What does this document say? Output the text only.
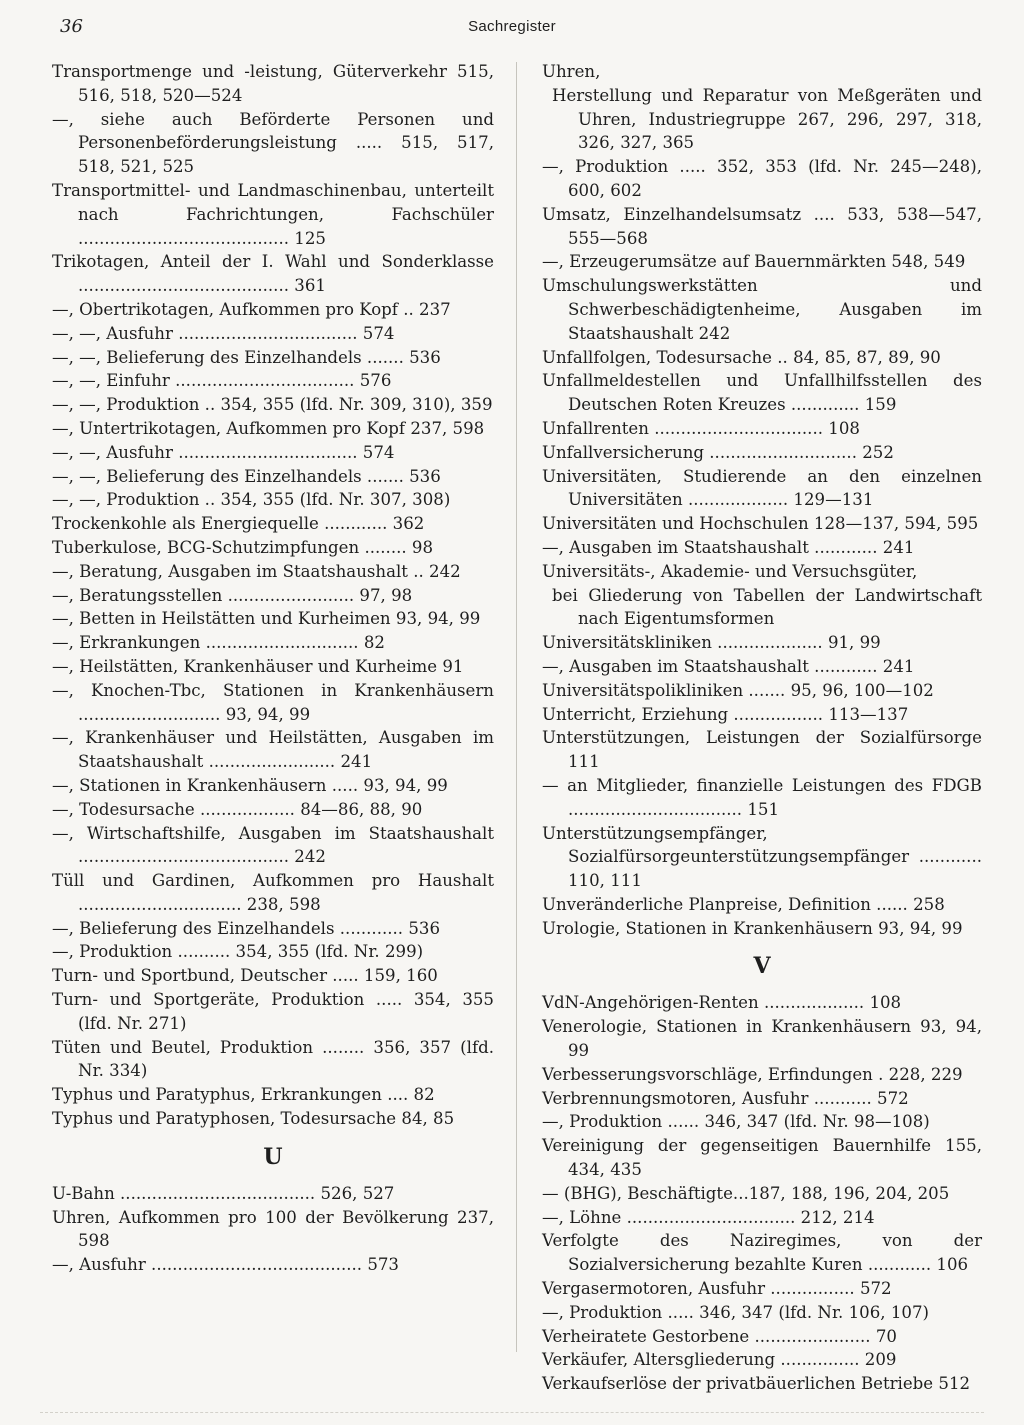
36	Sachregister

Transportmenge und -leistung, Güterverkehr 515, 516, 518, 520—524

—, siehe auch Beförderte Personen und Personenbeförderungsleistung ..... 515, 517, 518, 521, 525

Transportmittel- und Landmaschinenbau, unterteilt nach Fachrichtungen, Fachschüler ........................................ 125

Trikotagen, Anteil der I. Wahl und Sonderklasse ........................................ 361

—, Obertrikotagen, Aufkommen pro Kopf .. 237

—, —, Ausfuhr .................................. 574

—, —, Belieferung des Einzelhandels ....... 536

—, —, Einfuhr .................................. 576

—, —, Produktion .. 354, 355 (lfd. Nr. 309, 310), 359

—, Untertrikotagen, Aufkommen pro Kopf 237, 598

—, —, Ausfuhr .................................. 574

—, —, Belieferung des Einzelhandels ....... 536

—, —, Produktion .. 354, 355 (lfd. Nr. 307, 308)

Trockenkohle als Energiequelle ............ 362

Tuberkulose, BCG-Schutzimpfungen ........ 98

—, Beratung, Ausgaben im Staatshaushalt .. 242

—, Beratungsstellen ........................ 97, 98

—, Betten in Heilstätten und Kurheimen 93, 94, 99

—, Erkrankungen ............................. 82

—, Heilstätten, Krankenhäuser und Kurheime 91

—, Knochen-Tbc, Stationen in Krankenhäusern ........................... 93, 94, 99

—, Krankenhäuser und Heilstätten, Ausgaben im Staatshaushalt ........................ 241

—, Stationen in Krankenhäusern ..... 93, 94, 99

—, Todesursache .................. 84—86, 88, 90

—, Wirtschaftshilfe, Ausgaben im Staatshaushalt ........................................ 242

Tüll und Gardinen, Aufkommen pro Haushalt ............................... 238, 598

—, Belieferung des Einzelhandels ............ 536

—, Produktion .......... 354, 355 (lfd. Nr. 299)

Turn- und Sportbund, Deutscher ..... 159, 160

Turn- und Sportgeräte, Produktion ..... 354, 355 (lfd. Nr. 271)

Tüten und Beutel, Produktion ........ 356, 357 (lfd. Nr. 334)

Typhus und Paratyphus, Erkrankungen .... 82

Typhus und Paratyphosen, Todesursache 84, 85

U

U-Bahn ..................................... 526, 527

Uhren, Aufkommen pro 100 der Bevölkerung 237, 598

—, Ausfuhr ........................................ 573

Uhren,

Herstellung und Reparatur von Meßgeräten und Uhren, Industriegruppe 267, 296, 297, 318, 326, 327, 365

—, Produktion ..... 352, 353 (lfd. Nr. 245—248), 600, 602

Umsatz, Einzelhandelsumsatz .... 533, 538—547, 555—568

—, Erzeugerumsätze auf Bauernmärkten 548, 549

Umschulungswerkstätten und Schwerbeschädigtenheime, Ausgaben im Staatshaushalt 242

Unfallfolgen, Todesursache .. 84, 85, 87, 89, 90

Unfallmeldestellen und Unfallhilfsstellen des Deutschen Roten Kreuzes ............. 159

Unfallrenten ................................ 108

Unfallversicherung ............................ 252

Universitäten, Studierende an den einzelnen Universitäten ................... 129—131

Universitäten und Hochschulen 128—137, 594, 595

—, Ausgaben im Staatshaushalt ............ 241

Universitäts-, Akademie- und Versuchsgüter,

bei Gliederung von Tabellen der Landwirtschaft nach Eigentumsformen

Universitätskliniken .................... 91, 99

—, Ausgaben im Staatshaushalt ............ 241

Universitätspolikliniken ....... 95, 96, 100—102

Unterricht, Erziehung ................. 113—137

Unterstützungen, Leistungen der Sozialfürsorge 111

— an Mitglieder, finanzielle Leistungen des FDGB ................................. 151

Unterstützungsempfänger, Sozialfürsorgeunterstützungsempfänger ............ 110, 111

Unveränderliche Planpreise, Definition ...... 258

Urologie, Stationen in Krankenhäusern 93, 94, 99

V

VdN-Angehörigen-Renten ................... 108

Venerologie, Stationen in Krankenhäusern 93, 94, 99

Verbesserungsvorschläge, Erfindungen . 228, 229

Verbrennungsmotoren, Ausfuhr ........... 572

—, Produktion ...... 346, 347 (lfd. Nr. 98—108)

Vereinigung der gegenseitigen Bauernhilfe 155, 434, 435

— (BHG), Beschäftigte...187, 188, 196, 204, 205

—, Löhne ................................ 212, 214

Verfolgte des Naziregimes, von der Sozialversicherung bezahlte Kuren ............ 106

Vergasermotoren, Ausfuhr ................ 572

—, Produktion ..... 346, 347 (lfd. Nr. 106, 107)

Verheiratete Gestorbene ...................... 70

Verkäufer, Altersgliederung ............... 209

Verkaufserlöse der privatbäuerlichen Betriebe 512
